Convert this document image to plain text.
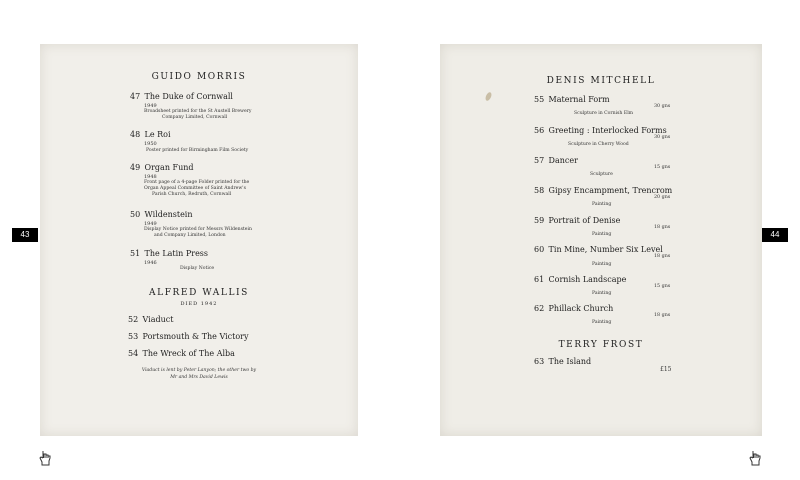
GUIDO MORRIS
47 The Duke of Cornwall
1949
Broadsheet printed for the St Austell Brewery
Company Limited, Cornwall
48 Le Roi
1950
Poster printed for Birmingham Film Society
49 Organ Fund
1948
Front page of a 4-page Folder printed for the
Organ Appeal Committee of Saint Andrew's
Parish Church, Redruth, Cornwall
50 Wildenstein
1949
Display Notice printed for Messrs Wildenstein
and Company Limited, London
51 The Latin Press
1946
Display Notice
ALFRED WALLIS
DIED 1942
52 Viaduct
53 Portsmouth & The Victory
54 The Wreck of The Alba
Viaduct is lent by Peter Lanyon; the other two by
Mr and Mrs David Lewis
43
DENIS MITCHELL
55 Maternal Form
30 gns
Sculpture in Cornish Elm
56 Greeting : Interlocked Forms
30 gns
Sculpture in Cherry Wood
57 Dancer
15 gns
Sculpture
58 Gipsy Encampment, Trencrom
20 gns
Painting
59 Portrait of Denise
18 gns
Painting
60 Tin Mine, Number Six Level
18 gns
Painting
61 Cornish Landscape
15 gns
Painting
62 Phillack Church
18 gns
Painting
TERRY FROST
63 The Island
£15
44
